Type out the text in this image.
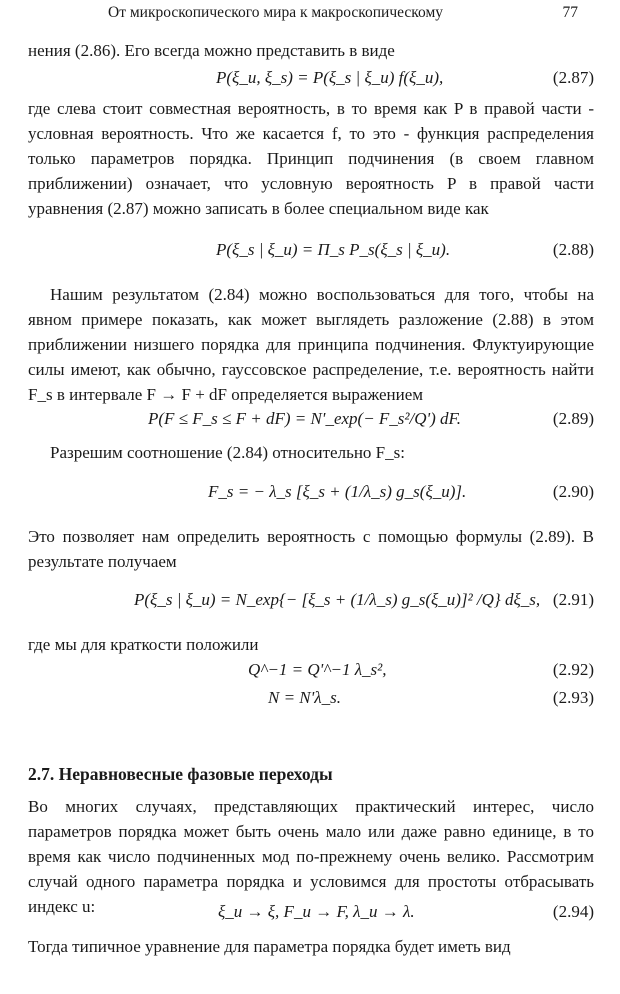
От микроскопического мира к макроскопическому	77

нения (2.86). Его всегда можно представить в виде

P(ξ_u, ξ_s) = P(ξ_s | ξ_u) f(ξ_u),	(2.87)

где слева стоит совместная вероятность, в то время как P в правой части - условная вероятность. Что же касается f, то это - функция распределения только параметров порядка. Принцип подчинения (в своем главном приближении) означает, что условную вероятность P в правой части уравнения (2.87) можно записать в более специальном виде как

P(ξ_s | ξ_u) = Π_s P_s(ξ_s | ξ_u).	(2.88)

Нашим результатом (2.84) можно воспользоваться для того, чтобы на явном примере показать, как может выглядеть разложение (2.88) в этом приближении низшего порядка для принципа подчинения. Флуктуирующие силы имеют, как обычно, гауссовское распределение, т.е. вероятность найти F_s в интервале F → F + dF определяется выражением

P(F ≤ F_s ≤ F + dF) = N'_exp(− F_s²/Q') dF.	(2.89)

Разрешим соотношение (2.84) относительно F_s:

F_s = − λ_s [ξ_s + (1/λ_s) g_s(ξ_u)].	(2.90)

Это позволяет нам определить вероятность с помощью формулы (2.89). В результате получаем

P(ξ_s | ξ_u) = N_exp{− [ξ_s + (1/λ_s) g_s(ξ_u)]² /Q} dξ_s, (2.91)

где мы для краткости положили

Q^−1 = Q'^−1 λ_s²,	(2.92)
N = N'λ_s.	(2.93)
2.7. Неравновесные фазовые переходы

Во многих случаях, представляющих практический интерес, число параметров порядка может быть очень мало или даже равно единице, в то время как число подчиненных мод по-прежнему очень велико. Рассмотрим случай одного параметра порядка и условимся для простоты отбрасывать индекс u:	ξ_u → ξ, F_u → F, λ_u → λ.	(2.94)

Тогда типичное уравнение для параметра порядка будет иметь вид
